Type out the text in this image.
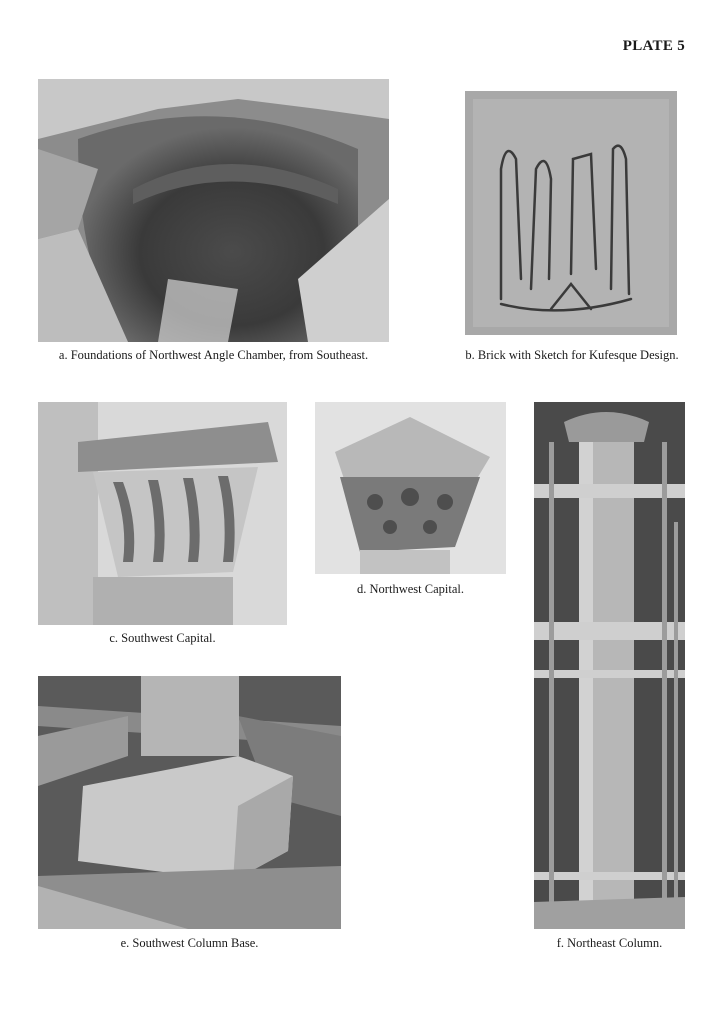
PLATE 5
a. Foundations of Northwest Angle Chamber, from Southeast.	b. Brick with Sketch for Kufesque Design.
c. Southwest Capital.
d. Northwest Capital.
e. Southwest Column Base.	f. Northeast Column.
